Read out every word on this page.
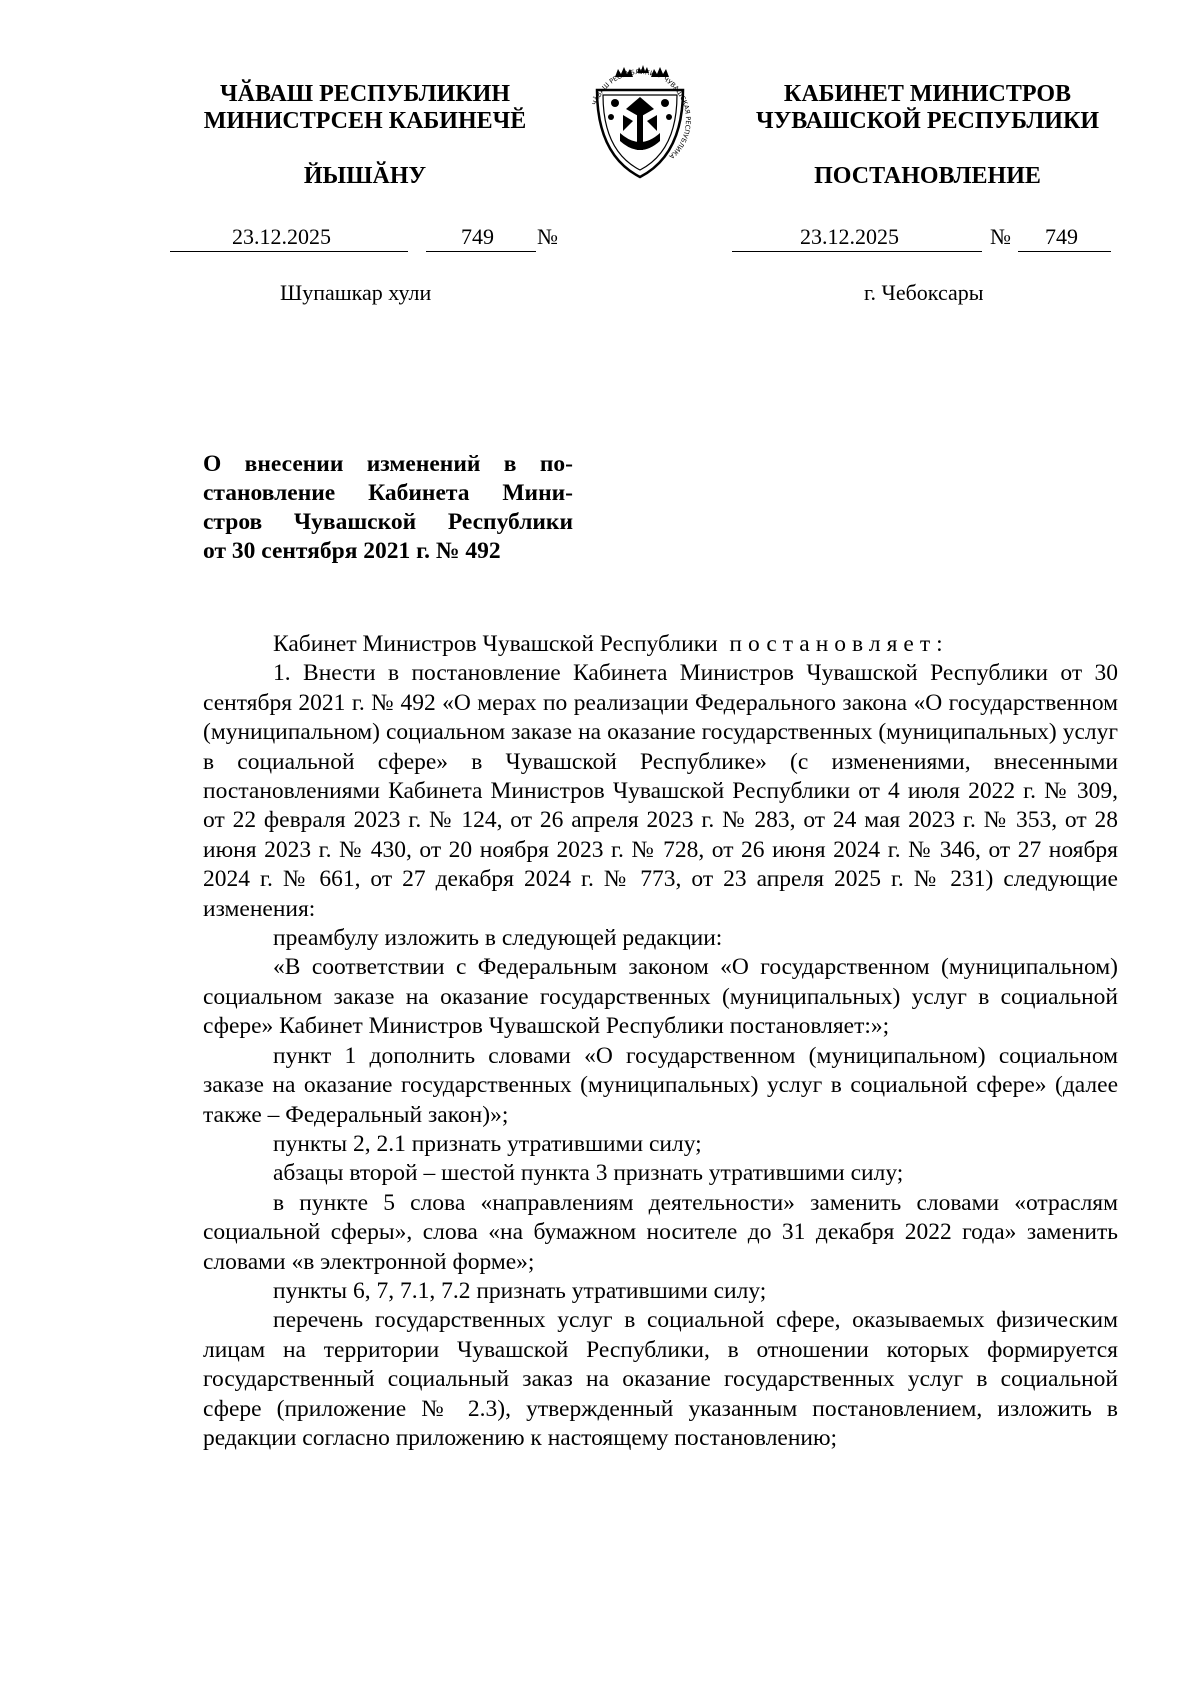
ЧӐВАШ РЕСПУБЛИКИН
МИНИСТРСЕН КАБИНЕЧӖ
ЙЫШӐНУ
ЧĂВАШ РЕСПУБЛИКИ ✦ ЧУВАШСКАЯ РЕСПУБЛИКА
КАБИНЕТ МИНИСТРОВ
ЧУВАШСКОЙ РЕСПУБЛИКИ
ПОСТАНОВЛЕНИЕ
23.12.2025	749 №	23.12.2025	№ 749
Шупашкар хули	г. Чебоксары
О внесении изменений в по-
становление Кабинета Мини-
стров Чувашской Республики
от 30 сентября 2021 г. № 492

Кабинет Министров Чувашской Республики постановляет:

1. Внести в постановление Кабинета Министров Чувашской Республики от 30 сентября 2021 г. № 492 «О мерах по реализации Федерального закона «О государственном (муниципальном) социальном заказе на оказание государственных (муниципальных) услуг в социальной сфере» в Чувашской Республике» (с изменениями, внесенными постановлениями Кабинета Министров Чувашской Республики от 4 июля 2022 г. № 309, от 22 февраля 2023 г. № 124, от 26 апреля 2023 г. № 283, от 24 мая 2023 г. № 353, от 28 июня 2023 г. № 430, от 20 ноября 2023 г. № 728, от 26 июня 2024 г. № 346, от 27 ноября 2024 г. № 661, от 27 декабря 2024 г. № 773, от 23 апреля 2025 г. № 231) следующие изменения:

преамбулу изложить в следующей редакции:

«В соответствии с Федеральным законом «О государственном (муниципальном) социальном заказе на оказание государственных (муниципальных) услуг в социальной сфере» Кабинет Министров Чувашской Республики постановляет:»;

пункт 1 дополнить словами «О государственном (муниципальном) социальном заказе на оказание государственных (муниципальных) услуг в социальной сфере» (далее также – Федеральный закон)»;

пункты 2, 2.1 признать утратившими силу;

абзацы второй – шестой пункта 3 признать утратившими силу;

в пункте 5 слова «направлениям деятельности» заменить словами «отраслям социальной сферы», слова «на бумажном носителе до 31 декабря 2022 года» заменить словами «в электронной форме»;

пункты 6, 7, 7.1, 7.2 признать утратившими силу;

перечень государственных услуг в социальной сфере, оказываемых физическим лицам на территории Чувашской Республики, в отношении которых формируется государственный социальный заказ на оказание государственных услуг в социальной сфере (приложение № 2.3), утвержденный указанным постановлением, изложить в редакции согласно приложению к настоящему постановлению;
